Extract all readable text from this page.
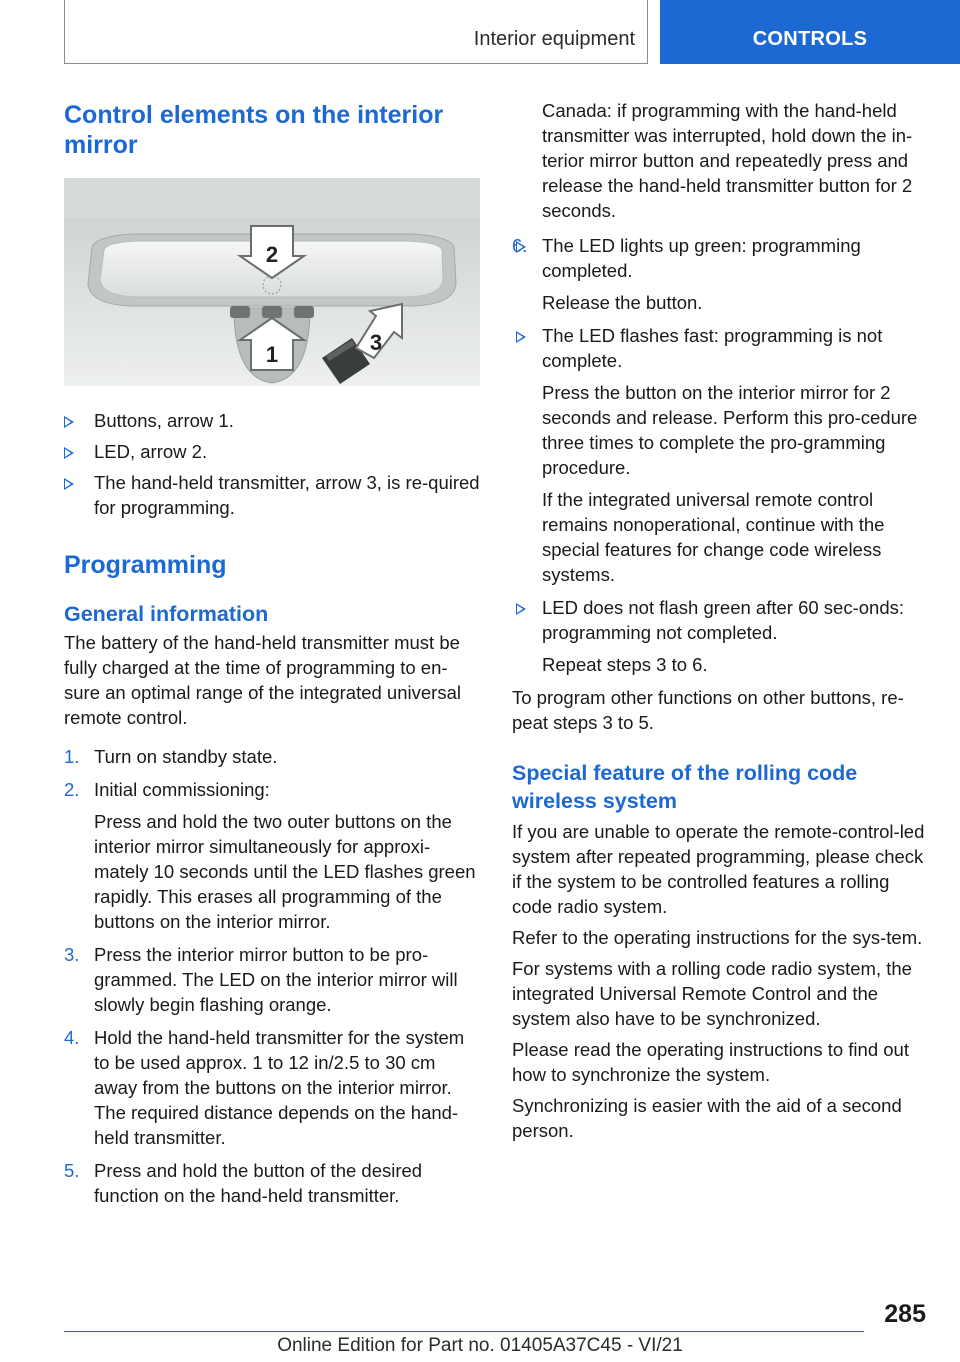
Interior equipment	CONTROLS
Control elements on the interior mirror
2
1	3
Buttons, arrow 1.
LED, arrow 2.
The hand-held transmitter, arrow 3, is re‐quired for programming.
Programming
General information

The battery of the hand-held transmitter must be fully charged at the time of programming to en‐sure an optimal range of the integrated universal remote control.

1. Turn on standby state.

2. Initial commissioning:

Press and hold the two outer buttons on the interior mirror simultaneously for approxi‐mately 10 seconds until the LED flashes green rapidly. This erases all programming of the buttons on the interior mirror.

3. Press the interior mirror button to be pro‐grammed. The LED on the interior mirror will slowly begin flashing orange.

4. Hold the hand-held transmitter for the system to be used approx. 1 to 12 in/2.5 to 30 cm away from the buttons on the interior mirror. The required distance depends on the hand-held transmitter.

5. Press and hold the button of the desired function on the hand-held transmitter.

Canada: if programming with the hand-held transmitter was interrupted, hold down the in‐terior mirror button and repeatedly press and release the hand-held transmitter button for 2 seconds.

6. The LED lights up green: programming completed.

Release the button.

The LED flashes fast: programming is not complete.

Press the button on the interior mirror for 2 seconds and release. Perform this pro‐cedure three times to complete the pro‐gramming procedure.

If the integrated universal remote control remains nonoperational, continue with the special features for change code wireless systems.

LED does not flash green after 60 sec‐onds: programming not completed.

Repeat steps 3 to 6.

To program other functions on other buttons, re‐peat steps 3 to 5.

Special feature of the rolling code wireless system

If you are unable to operate the remote-control‐led system after repeated programming, please check if the system to be controlled features a rolling code radio system.

Refer to the operating instructions for the sys‐tem.

For systems with a rolling code radio system, the integrated Universal Remote Control and the system also have to be synchronized.

Please read the operating instructions to find out how to synchronize the system.

Synchronizing is easier with the aid of a second person.

285
Online Edition for Part no. 01405A37C45 - VI/21
